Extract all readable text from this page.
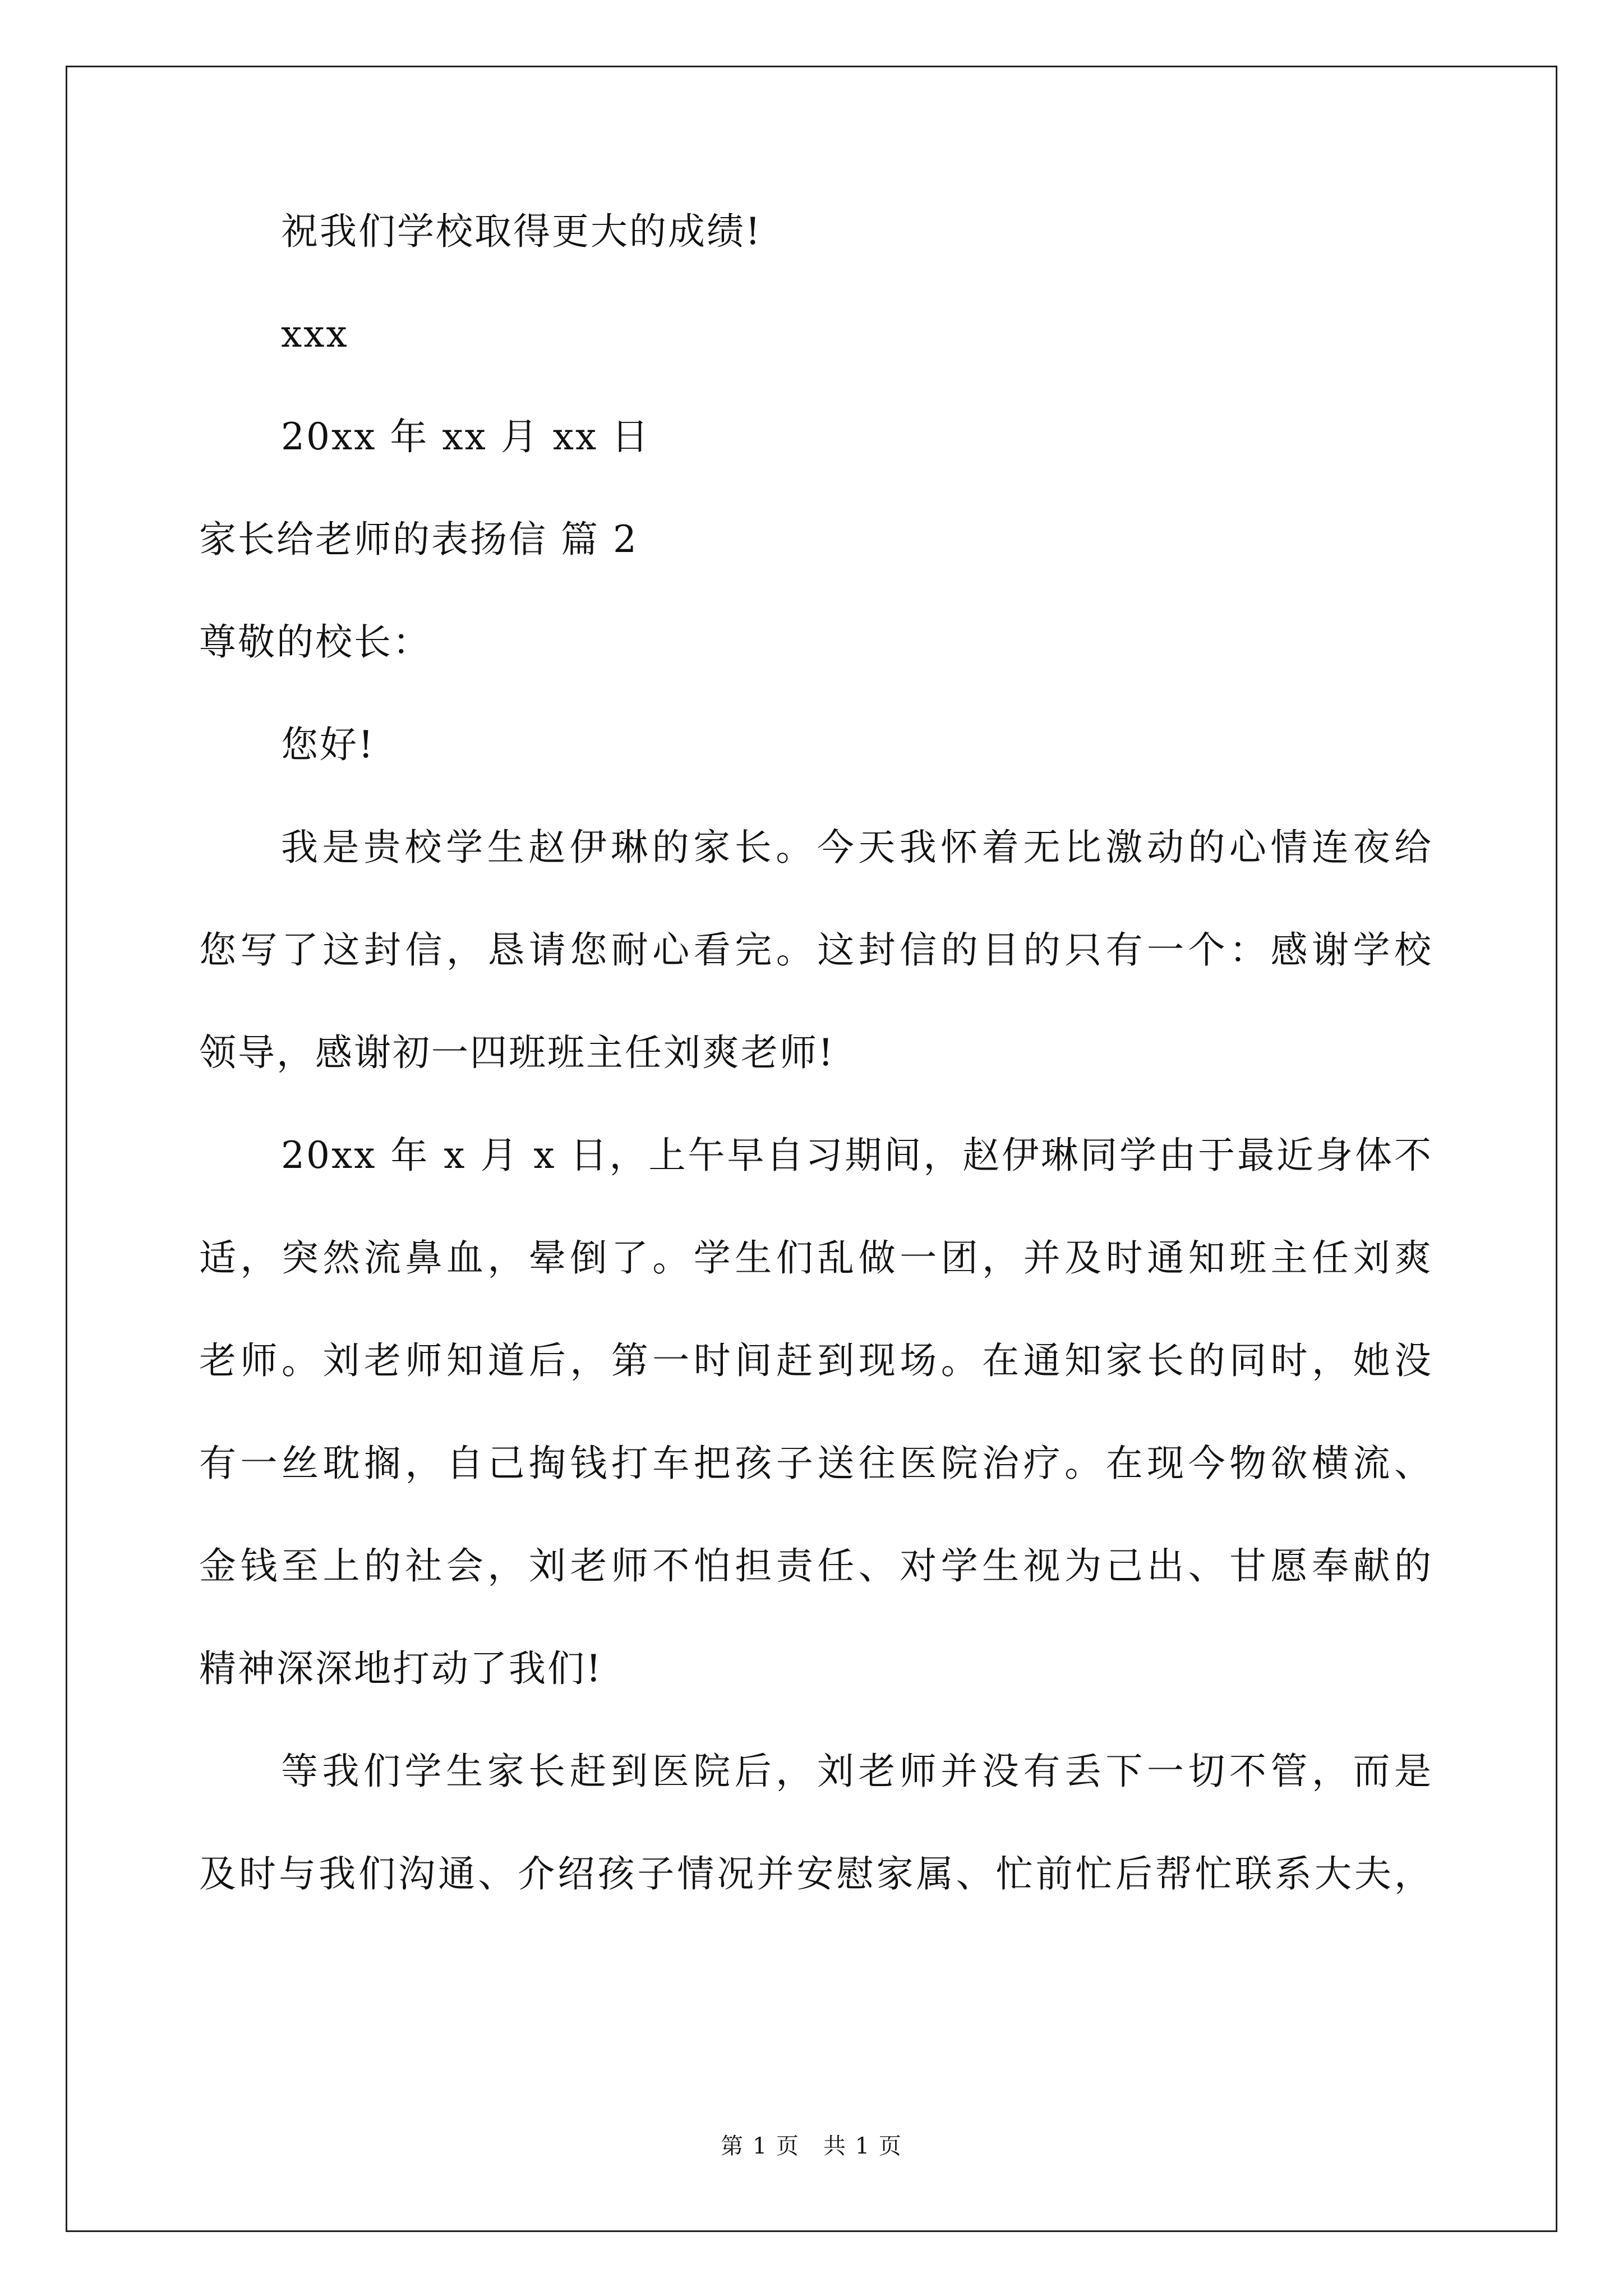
祝我们学校取得更大的成绩!
xxx
20xx 年 xx 月 xx 日
家长给老师的表扬信 篇 2
尊敬的校长：
您好!
我是贵校学生赵伊琳的家长。今天我怀着无比激动的心情连夜给
您写了这封信，恳请您耐心看完。这封信的目的只有一个：感谢学校
领导，感谢初一四班班主任刘爽老师!
20xx 年 x 月 x 日，上午早自习期间，赵伊琳同学由于最近身体不
适，突然流鼻血，晕倒了。学生们乱做一团，并及时通知班主任刘爽
老师。刘老师知道后，第一时间赶到现场。在通知家长的同时，她没
有一丝耽搁，自己掏钱打车把孩子送往医院治疗。在现今物欲横流、
金钱至上的社会，刘老师不怕担责任、对学生视为己出、甘愿奉献的
精神深深地打动了我们!
等我们学生家长赶到医院后，刘老师并没有丢下一切不管，而是
及时与我们沟通、介绍孩子情况并安慰家属、忙前忙后帮忙联系大夫，
第 1 页　共 1 页
